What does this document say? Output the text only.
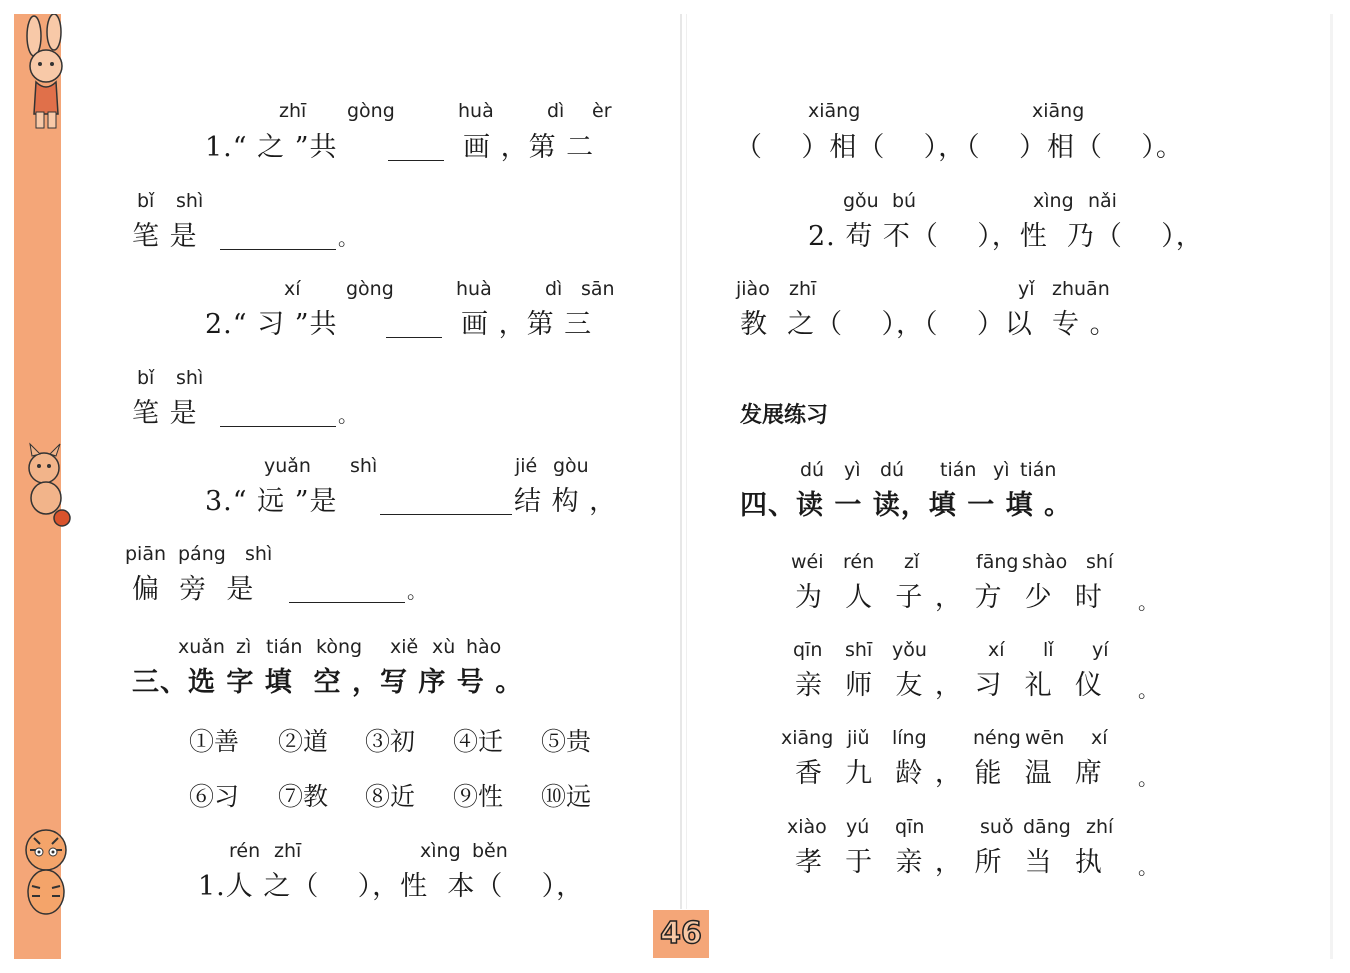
zhī gòng	huà	dì èr
1.“ 之 ”共	画 ，第 二
bǐ shì
笔 是	。
xí gòng	huà	dì sān
2.“ 习 ”共	画 ，第 三
bǐ shì
笔 是	。
yuǎn shì	jié gòu
3.“ 远 ”是	结 构 ，
piān páng shì
偏  旁  是	。
xuǎn zì tián kòng xiě xù hào
三、选 字 填  空 ，写 序 号 。
①善 ②道 ③初 ④迁 ⑤贵
⑥习 ⑦教 ⑧近 ⑨性 ⑩远
rén zhī	xìng běn
1.人 之（    ），性  本（    ），
xiāng	xiāng
（    ）相（    ），（    ）相（    ）。
gǒu bú	xìng nǎi
2. 苟 不（    ），性  乃（    ），
jiào zhī	yǐ zhuān
教  之（    ），（    ）以  专 。
发展练习
dú yì dú tián yì tián
四、读 一 读，填 一 填 。
wéi rén zǐ	fāng shào shí
为  人  子 ， 方  少  时 。
qīn shī yǒu	xí lǐ yí
亲  师  友 ， 习  礼  仪 。
xiāng jiǔ líng néng wēn xí
香  九  龄 ， 能  温  席 。
xiào yú qīn	suǒ dāng zhí
孝  于  亲 ， 所  当  执 。
46
